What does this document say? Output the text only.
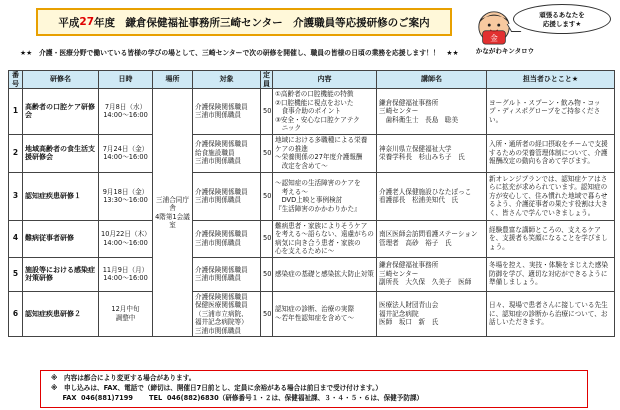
平成 27 年度　鎌倉保健福祉事務所三崎センター　介護職員等応援研修のご案内
金
頑張るあなたを
応援します★
かながわキンタロウ
★★　介護・医療分野で働いている皆様の学びの場として、三崎センターで次の研修を開催し、職員の皆様の日頃の業務を応援します！！　★★
番号	研修名	日時	場所	対象	定員	内容	講師名	担当者ひとこと★
1	高齢者の口腔ケア研修会	7月8日（水）
14:00～16:00	三浦合同庁舎
4階第1会議室	介護保険関係職員
三浦市関係職員	50	①高齢者の口腔機能の特徴
②口腔機能に視点をおいた
　食事介助のポイント
③安全・安心な口腔ケアテク
　ニック	鎌倉保健福祉事務所
三崎センター
　歯科衛生士　長島　聡美	ヨーグルト・スプーン・飲み物・コップ・ディスポグローブをご持参ください。
2	地域高齢者の食生活支援研修会	7月24日（金）
14:00～16:00		介護保険関係職員
給食施設職員
三浦市関係職員	50	地域における多職種による栄養
ケアの推進
～栄養関係の27年度介護報酬
　改定を含めて～	神奈川県立保健福祉大学
栄養学科長　杉山みち子　氏	入所・通所者の経口摂取をチームで支援するための栄養管理体制について、介護報酬改定の動向も含めて学びます。
3	認知症疾患研修１	9月18日（金）
13:30～16:00		介護保険関係職員
三浦市関係職員	50	～認知症の生活障害のケアを
　考える～
　DVD上映と事例検討
『生活障害のかかわりかた』	介護老人保健施設ひなたぼっこ
看護部長　松浦美知代　氏	新オレンジプランでは、認知症ケアはさらに拡充が求められています。認知症の方が安心して、住み慣れた地域で暮らせるよう、介護従事者の果たす役割は大きく、皆さんで学んでいきましょう。
4	難病従事者研修	10月22日（木）
14:00～16:00		介護保険関係職員
三浦市関係職員	50	難病患者・家族によりそうケア
を考える～語らない、遠慮がちの
病気に向き合う患者・家族の
心を支えるために～	南区医師会訪問看護ステーション
管理者　高砂　裕子　氏	経験豊富な講師ところの、支えるケアを、支援者も笑顔になることを学びましょう。
5	施設等における感染症対策研修	11月9日（月）
14:00～16:00		介護保険関係職員
三浦市関係職員	50	感染症の基礎と感染拡大防止対策	鎌倉保健福祉事務所
三崎センター
副所長　大久保　久美子　医師	冬場を控え、実技・体験をまじえた感染防御を学び、適切な対応ができるように準備しましょう。
6	認知症疾患研修２	12月中旬
調整中		介護保険関係職員
保健医療関係職員
（三浦市立病院、
福井記念病院等）
三浦市関係職員	50	認知症の診断、治療の実際
～若年性認知症を含めて～	医療法人財団青山会
福井記念病院
医師　坂口　新　氏	日々、現場で患者さんに接している先生に、認知症の診断から治療について、お話しいただきます。
※　内容は都合により変更する場合があります。
※　申し込みは、FAX、電話で（締切は、開催日7日前とし、定員に余裕がある場合は前日まで受け付けます。）
FAX 046(881)7199 TEL 046(882)6830（研修番号１・２は、保健福祉課、３・４・５・６は、保健予防課）
